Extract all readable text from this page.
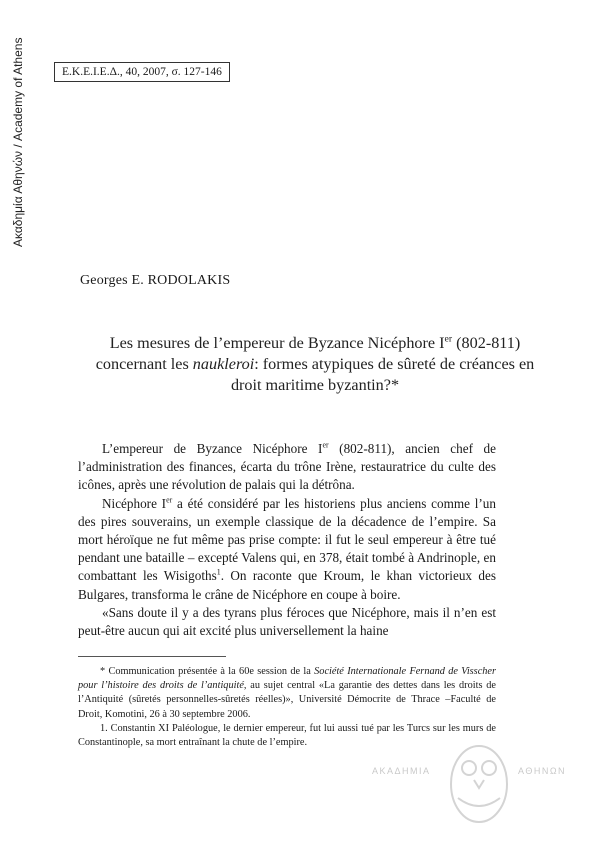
Ακαδημία Αθηνών / Academy of Athens	Ε.Κ.Ε.Ι.Ε.Δ., 40, 2007, σ. 127-146
Georges E. RODOLAKIS
Les mesures de l’empereur de Byzance Nicéphore Ier (802-811) concernant les naukleroi: formes atypiques de sûreté de créances en droit maritime byzantin?*

L’empereur de Byzance Nicéphore Ier (802-811), ancien chef de l’administration des finances, écarta du trône Irène, restauratrice du culte des icônes, après une révolution de palais qui la détrôna.

Nicéphore Ier a été considéré par les historiens plus anciens comme l’un des pires souverains, un exemple classique de la décadence de l’empire. Sa mort héroïque ne fut même pas prise compte: il fut le seul empereur à être tué pendant une bataille – excepté Valens qui, en 378, était tombé à Andrinople, en combattant les Wisigoths$^1$. On raconte que Kroum, le khan victorieux des Bulgares, transforma le crâne de Nicéphore en coupe à boire.

«Sans doute il y a des tyrans plus féroces que Nicéphore, mais il n’en est peut-être aucun qui ait excité plus universellement la haine

* Communication présentée à la 60e session de la Société Internationale Fernand de Visscher pour l’histoire des droits de l’antiquité, au sujet central «La garantie des dettes dans les droits de l’Antiquité (sûretés personnelles-sûretés réelles)», Université Démocrite de Thrace –Faculté de Droit, Komotini, 26 à 30 septembre 2006.

1. Constantin XI Paléologue, le dernier empereur, fut lui aussi tué par les Turcs sur les murs de Constantinople, sa mort entraînant la chute de l’empire.

ΑΚΑΔΗΜΙΑ	ΑΘΗΝΩΝ
